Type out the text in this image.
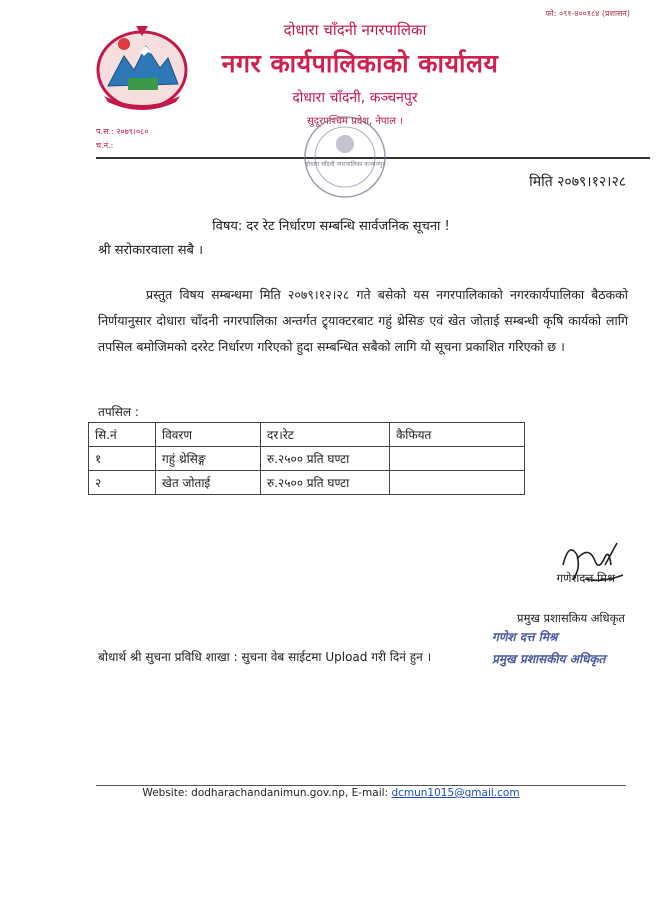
फो: ०९१-४००१८४ (प्रशासन)
दोधारा चाँदनी नगरपालिका
नगर कार्यपालिकाको कार्यालय
दोधारा चाँदनी, कञ्चनपुर
सुदूरपश्चिम प्रदेश, नेपाल ।
प.स.: २०७९।०८०
च.नं.:
दोधारा चाँदनी नगरपालिका कञ्चनपुर
मिति २०७९।१२।२८
विषय: दर रेट निर्धारण सम्बन्धि सार्वजनिक सूचना !
श्री सरोकारवाला सबै ।
प्रस्तुत विषय सम्बन्धमा मिति २०७९।१२।२८ गते बसेको यस नगरपालिकाको नगरकार्यपालिका बैठकको निर्णयानुसार दोधारा चाँदनी नगरपालिका अन्तर्गत ट्र्याक्टरबाट गहुं थ्रेसिङ एवं खेत जोताई सम्बन्धी कृषि कार्यको लागि तपसिल बमोजिमको दररेट निर्धारण गरिएको हुदा सम्बन्धित सबैको लागि यो सूचना प्रकाशित गरिएको छ ।
तपसिल :
सि.नं	विवरण	दर।रेट	कैफियत
१	गहुं थ्रेसिङ्ग	रु.२५०० प्रति घण्टा	
२	खेत जोताई	रु.२५०० प्रति घण्टा	
गणेशदत्त मिश्र
प्रमुख प्रशासकिय अधिकृत
गणेश दत्त मिश्र
प्रमुख प्रशासकीय अधिकृत
बोधार्थ श्री सुचना प्रविधि शाखा : सुचना वेब साईटमा Upload गरी दिनं हुन ।
Website: dodharachandanimun.gov.np, E-mail: dcmun1015@gmail.com
